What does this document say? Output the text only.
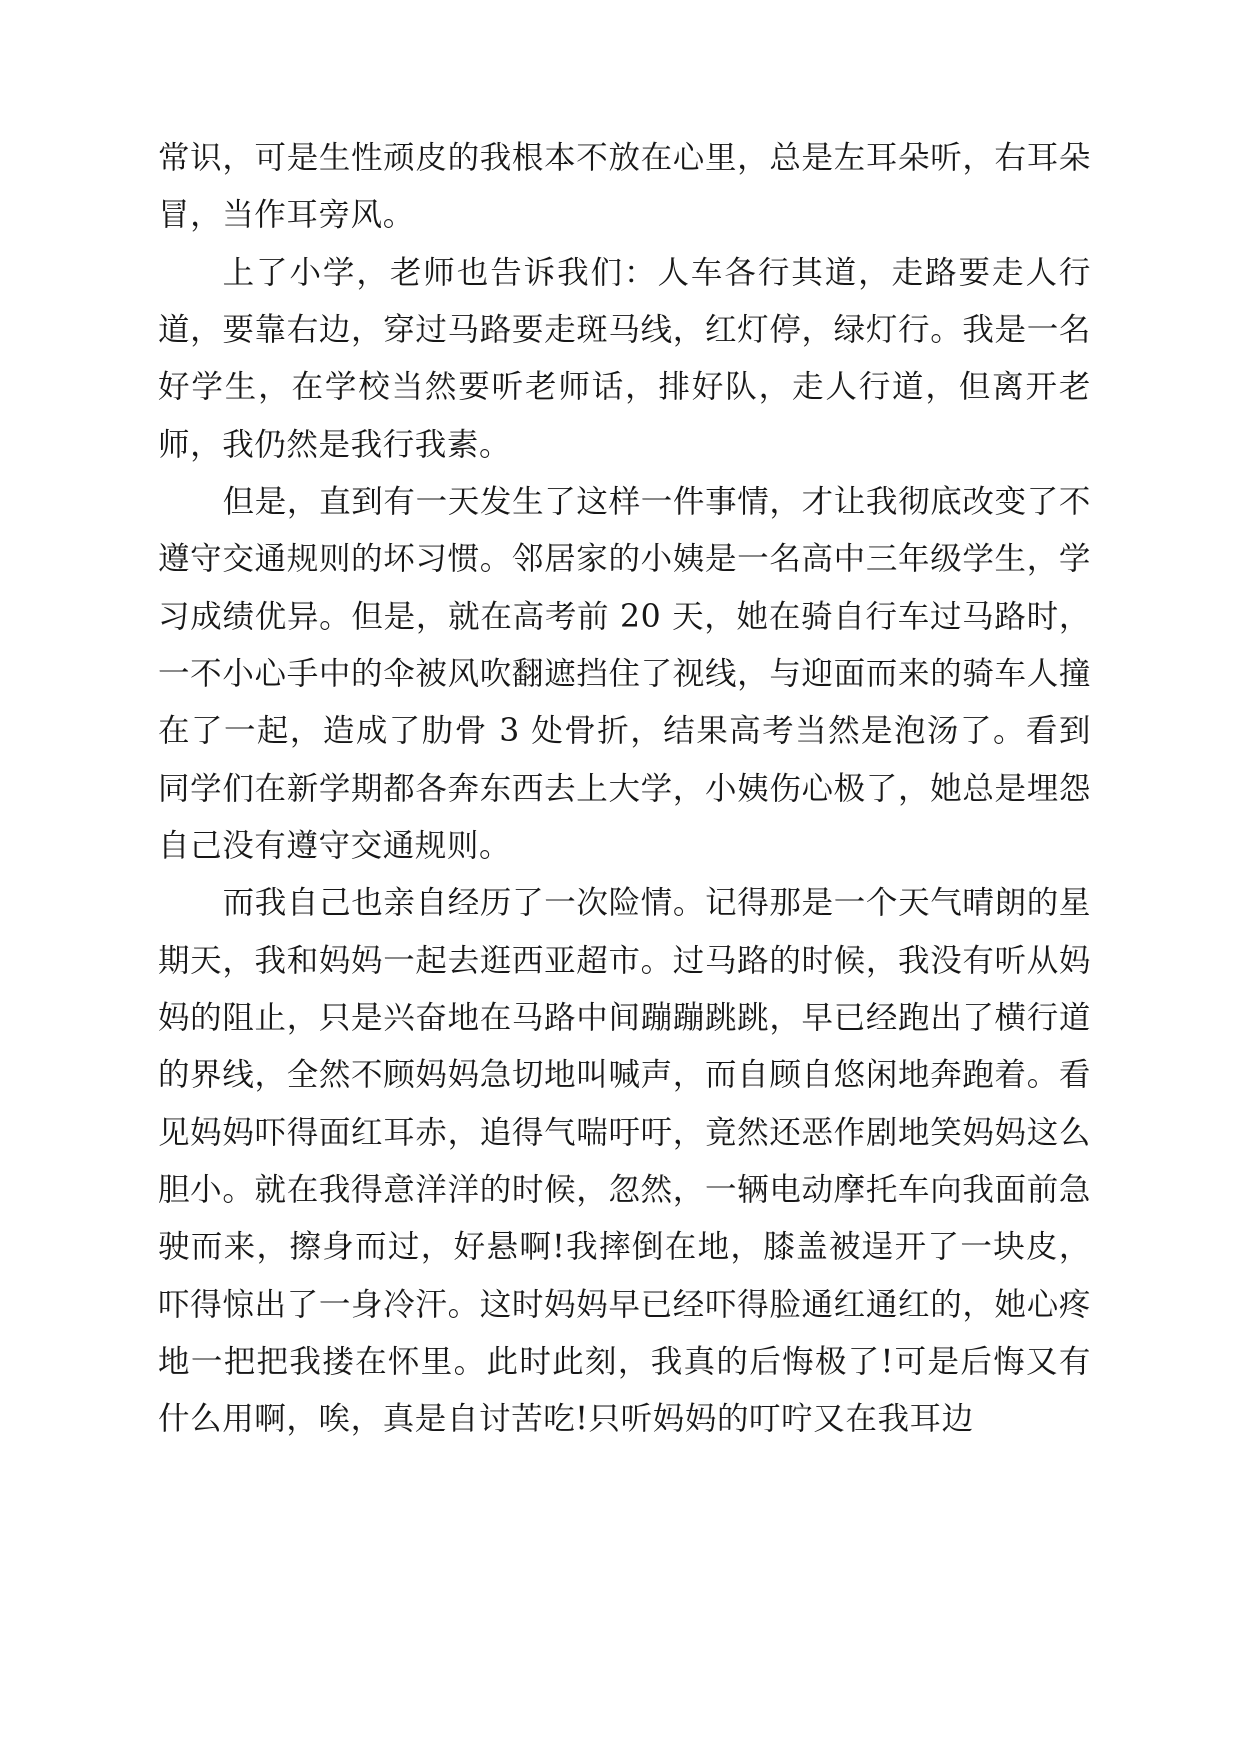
常识，可是生性顽皮的我根本不放在心里，总是左耳朵听，右耳朵冒，当作耳旁风。

上了小学，老师也告诉我们：人车各行其道，走路要走人行道，要靠右边，穿过马路要走斑马线，红灯停，绿灯行。我是一名好学生，在学校当然要听老师话，排好队，走人行道，但离开老师，我仍然是我行我素。

但是，直到有一天发生了这样一件事情，才让我彻底改变了不遵守交通规则的坏习惯。邻居家的小姨是一名高中三年级学生，学习成绩优异。但是，就在高考前 20 天，她在骑自行车过马路时，一不小心手中的伞被风吹翻遮挡住了视线，与迎面而来的骑车人撞在了一起，造成了肋骨 3 处骨折，结果高考当然是泡汤了。看到同学们在新学期都各奔东西去上大学，小姨伤心极了，她总是埋怨自己没有遵守交通规则。

而我自己也亲自经历了一次险情。记得那是一个天气晴朗的星期天，我和妈妈一起去逛西亚超市。过马路的时候，我没有听从妈妈的阻止，只是兴奋地在马路中间蹦蹦跳跳，早已经跑出了横行道的界线，全然不顾妈妈急切地叫喊声，而自顾自悠闲地奔跑着。看见妈妈吓得面红耳赤，追得气喘吁吁，竟然还恶作剧地笑妈妈这么胆小。就在我得意洋洋的时候，忽然，一辆电动摩托车向我面前急驶而来，擦身而过，好悬啊!我摔倒在地，膝盖被逞开了一块皮，吓得惊出了一身冷汗。这时妈妈早已经吓得脸通红通红的，她心疼地一把把我搂在怀里。此时此刻，我真的后悔极了!可是后悔又有什么用啊，唉，真是自讨苦吃!只听妈妈的叮咛又在我耳边
